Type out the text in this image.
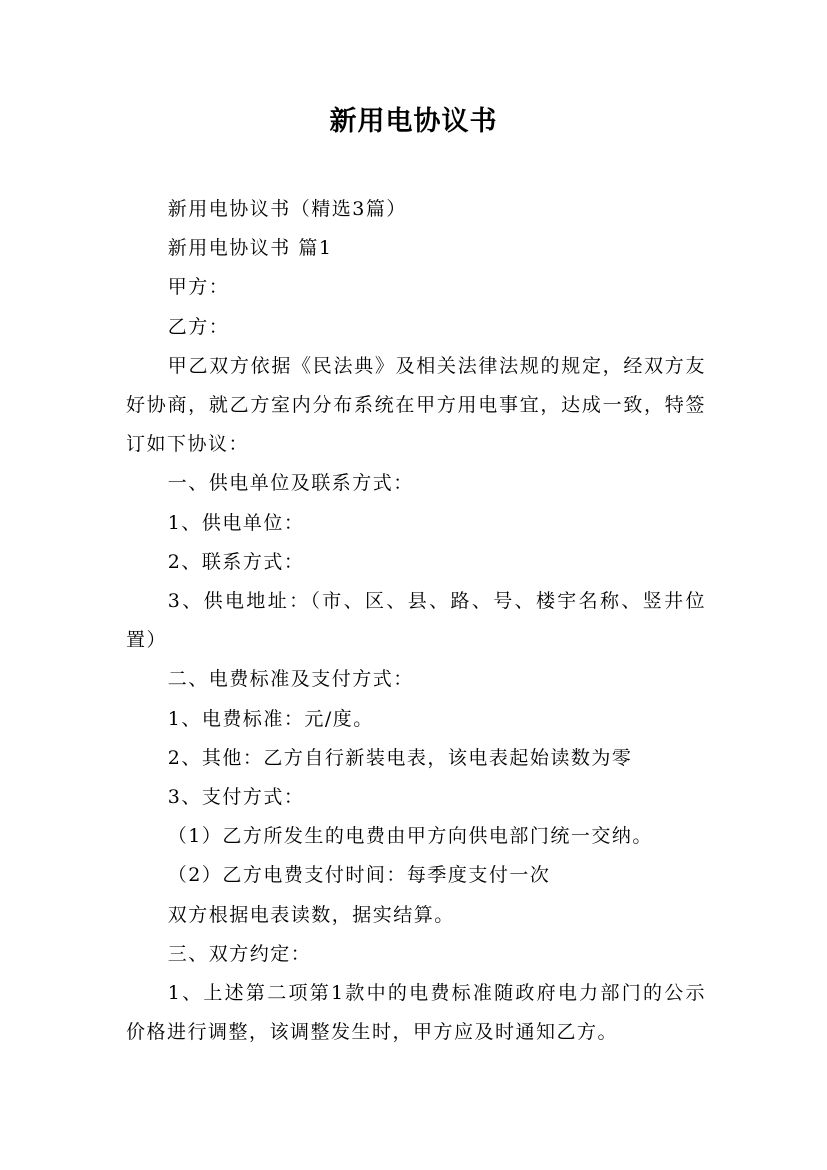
新用电协议书

新用电协议书（精选3篇）

新用电协议书 篇1

甲方：

乙方：

甲乙双方依据《民法典》及相关法律法规的规定，经双方友好协商，就乙方室内分布系统在甲方用电事宜，达成一致，特签订如下协议：

一、供电单位及联系方式：

1、供电单位：

2、联系方式：

3、供电地址：（市、区、县、路、号、楼宇名称、竖井位置）

二、电费标准及支付方式：

1、电费标准：元/度。

2、其他：乙方自行新装电表，该电表起始读数为零

3、支付方式：

（1）乙方所发生的电费由甲方向供电部门统一交纳。

（2）乙方电费支付时间：每季度支付一次

双方根据电表读数，据实结算。

三、双方约定：

1、上述第二项第1款中的电费标准随政府电力部门的公示价格进行调整，该调整发生时，甲方应及时通知乙方。
